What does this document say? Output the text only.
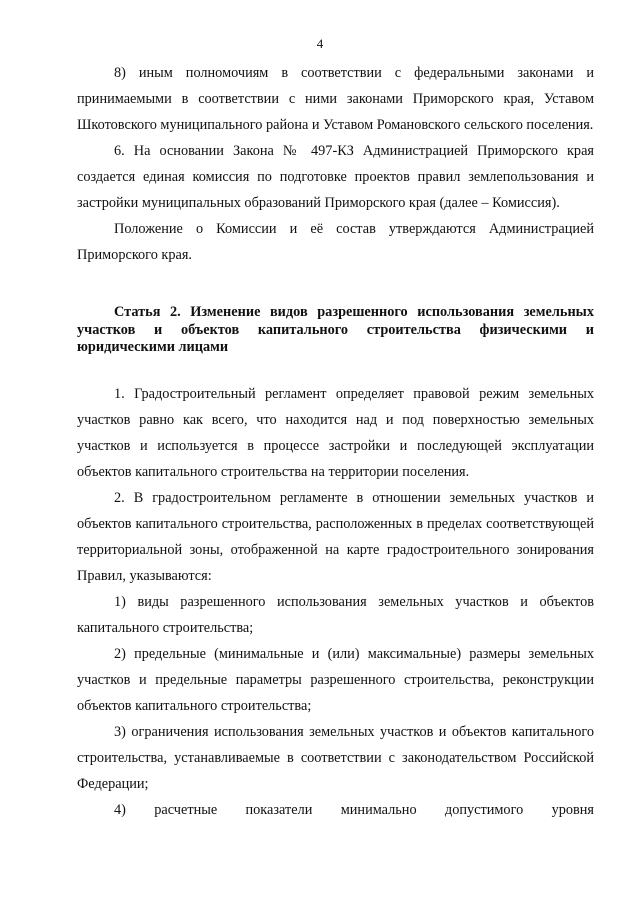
4

8) иным полномочиям в соответствии с федеральными законами и принимаемыми в соответствии с ними законами Приморского края, Уставом Шкотовского муниципального района и Уставом Романовского сельского поселения.

6. На основании Закона № 497-КЗ Администрацией Приморского края создается единая комиссия по подготовке проектов правил землепользования и застройки муниципальных образований Приморского края (далее – Комиссия).

Положение о Комиссии и её состав утверждаются Администрацией Приморского края.

Статья 2. Изменение видов разрешенного использования земельных участков и объектов капитального строительства физическими и юридическими лицами

1. Градостроительный регламент определяет правовой режим земельных участков равно как всего, что находится над и под поверхностью земельных участков и используется в процессе застройки и последующей эксплуатации объектов капитального строительства на территории поселения.

2. В градостроительном регламенте в отношении земельных участков и объектов капитального строительства, расположенных в пределах соответствующей территориальной зоны, отображенной на карте градостроительного зонирования Правил, указываются:

1) виды разрешенного использования земельных участков и объектов капитального строительства;

2) предельные (минимальные и (или) максимальные) размеры земельных участков и предельные параметры разрешенного строительства, реконструкции объектов капитального строительства;

3) ограничения использования земельных участков и объектов капитального строительства, устанавливаемые в соответствии с законодательством Российской Федерации;

4) расчетные показатели минимально допустимого уровня
